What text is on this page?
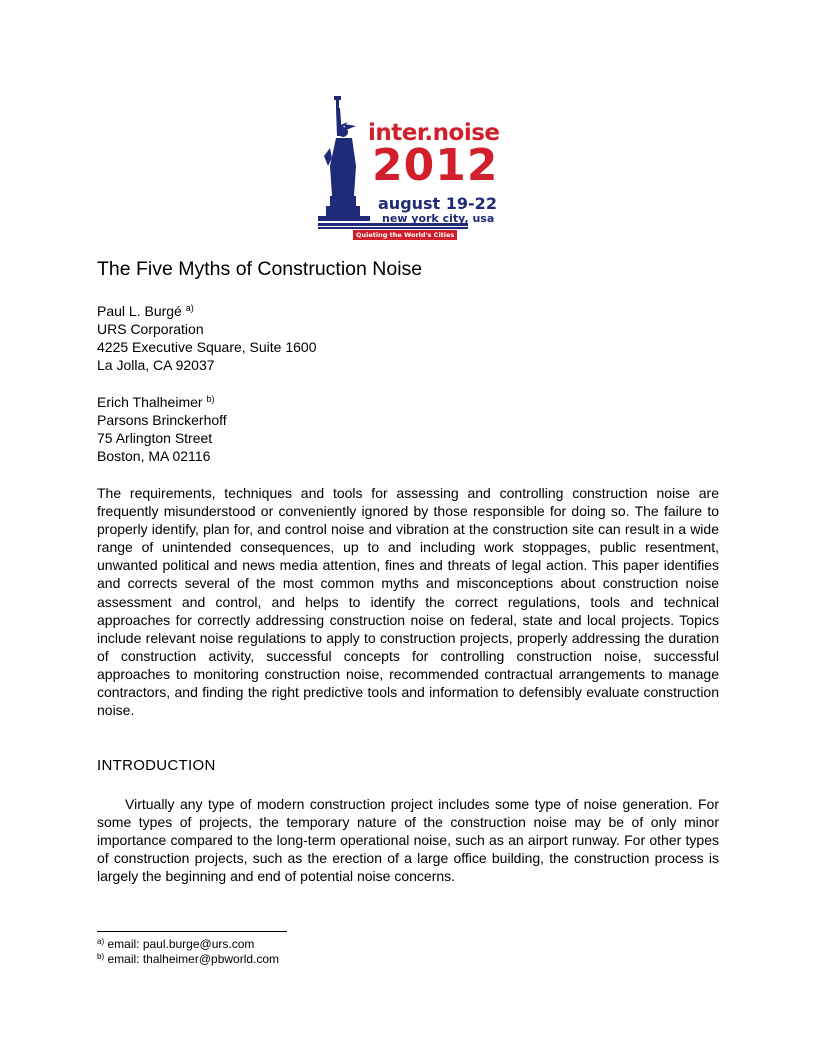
inter.noise
2012
august 19-22
new york city, usa
Quieting the World's Cities
The Five Myths of Construction Noise
Paul L. Burgé $^{a)}$
URS Corporation
4225 Executive Square, Suite 1600
La Jolla, CA 92037
Erich Thalheimer $^{b)}$
Parsons Brinckerhoff
75 Arlington Street
Boston, MA 02116

The requirements, techniques and tools for assessing and controlling construction noise are frequently misunderstood or conveniently ignored by those responsible for doing so. The failure to properly identify, plan for, and control noise and vibration at the construction site can result in a wide range of unintended consequences, up to and including work stoppages, public resentment, unwanted political and news media attention, fines and threats of legal action. This paper identifies and corrects several of the most common myths and misconceptions about construction noise assessment and control, and helps to identify the correct regulations, tools and technical approaches for correctly addressing construction noise on federal, state and local projects. Topics include relevant noise regulations to apply to construction projects, properly addressing the duration of construction activity, successful concepts for controlling construction noise, successful approaches to monitoring construction noise, recommended contractual arrangements to manage contractors, and finding the right predictive tools and information to defensibly evaluate construction noise.

INTRODUCTION

Virtually any type of modern construction project includes some type of noise generation. For some types of projects, the temporary nature of the construction noise may be of only minor importance compared to the long-term operational noise, such as an airport runway. For other types of construction projects, such as the erection of a large office building, the construction process is largely the beginning and end of potential noise concerns.

$^{a)}$ email: paul.burge@urs.com
$^{b)}$ email: thalheimer@pbworld.com
